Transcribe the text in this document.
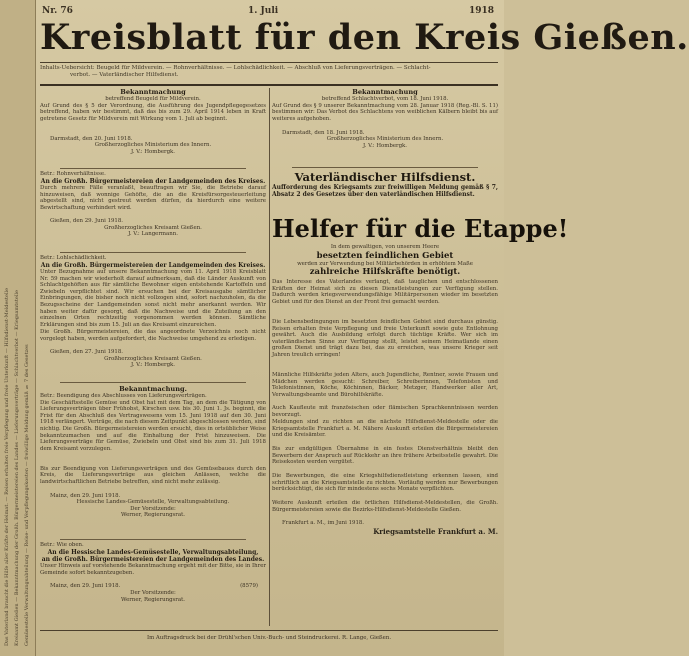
Das Vaterland braucht die Hilfe aller Kräfte der Heimat. — Reisen erhalten freie Verpflegung und freie Unterkunft — Hilfsdienst-Meldestelle Kreisamt Gießen — Bekanntmachung der Großh. Bürgermeistereien des Landes — Lieferungsverträge — Schlachtverbot — Kriegsamtstelle Gemüsestelle Verwaltungsabteilung — Reise- und Verpflegungskosten — freiwillige Meldung gemäß § 7 des Gesetzes
Nr. 76	1. Juli	1918
Kreisblatt für den Kreis Gießen.
Inhalts-Uebersicht: Beugeld für Mildverein. — Rohnverhältnisse. — Lohlschädlichkeit. — Abschluß von Lieferungsverträgen. — Schlacht-
verbot. — Vaterländischer Hilfsdienst.
Bekanntmachung
betreffend Beugeld für Mildverein.
Auf Grund des § 5 der Verordnung, die Ausführung des Jugendpflegegesetzes betreffend, haben wir bestimmt, daß das bis zum 29. April 1914 leben in Kraft getretene Gesetz für Mildverein mit Wirkung vom 1. Juli ab beginnt.
Darmstadt, den 20. Juni 1918.
Großherzogliches Ministerium des Innern.
J. V.: Hombergk.
Betr.: Rohnverhältnisse.
An die Großh. Bürgermeistereien der Landgemeinden des Kreises.
Durch mehrere Fälle veranlaßt, beauftragen wir Sie, die Betriebe darauf hinzuweisen, daß wonnige Gehöfte, die an die Kreisfürsorgesteuerleitung abgestellt sind, nicht gestreut werden dürfen, da hierdurch eine weitere Bewirtschaftung verhindert wird.
Gießen, den 29. Juni 1918.
Großherzogliches Kreisamt Gießen.
J. V.: Langermann.
Betr.: Lohlschädlichkeit.
An die Großh. Bürgermeistereien der Landgemeinden des Kreises.
Unter Bezugnahme auf unsere Bekanntmachung vom 11. April 1918 Kreisblatt Nr. 59 machen wir wiederholt darauf aufmerksam, daß die Länder Auskunft von Schlachtgehöften aus für sämtliche Bewohner eigen entstehende Kartoffeln und Zwiebeln verpflichtet sind. Wir ersuchen bei der Kreisausgabe sämtlicher Einbringungen, die bisher noch nicht vollzogen sind, sofort nachzuholen, da die Bezugsscheine der Landgemeinden sonst nicht mehr anerkannt werden. Wir haben weiter dafür gesorgt, daß die Nachweise und die Zuteilung an den einzelnen Orten rechtzeitig vorgenommen werden können. Sämtliche Erklärungen sind bis zum 15. Juli an das Kreisamt einzureichen.
Die Großh. Bürgermeistereien, die das angeordnete Verzeichnis noch nicht vorgelegt haben, werden aufgefordert, die Nachweise umgehend zu erledigen.
Gießen, den 27. Juni 1918.
Großherzogliches Kreisamt Gießen.
J. V.: Hombergk.
Bekanntmachung.
Betr.: Beendigung des Abschlusses von Lieferungsverträgen.
Die Geschäftsstelle Gemüse und Obst hat mit dem Tag, an dem die Tätigung von Lieferungsverträgen über Frühobst, Kirschen usw. bis 30. Juni 1. Js. beginnt, die Frist für den Abschluß des Vertragswesens vom 15. Juni 1918 auf den 30. Juni 1918 verlängert. Verträge, die nach diesem Zeitpunkt abgeschlossen werden, sind nichtig. Die Großh. Bürgermeistereien werden ersucht, dies in ortsüblicher Weise bekanntzumachen und auf die Einhaltung der Frist hinzuweisen. Die Lieferungsverträge für Gemüse, Zwiebeln und Obst sind bis zum 31. Juli 1918 dem Kreisamt vorzulegen.
Bis zur Beendigung von Lieferungsverträgen und des Gemüsebaues durch den Kreis, die Lieferungsverträge aus gleichen Anlässen, welche die landwirtschaftlichen Betriebe betreffen, sind nicht mehr zulässig.
Mainz, den 29. Juni 1918.
Hessische Landes-Gemüsestelle, Verwaltungsabteilung.
Der Vorsitzende:
Werner, Regierungsrat.
Betr.: Wie oben.
An die Hessische Landes-Gemüsestelle, Verwaltungsabteilung,
an die Großh. Bürgermeistereien der Landgemeinden des Landes.
Unser Hinweis auf vorstehende Bekanntmachung ergeht mit der Bitte, sie in Ihrer Gemeinde sofort bekanntzugeben.
Mainz, den 29. Juni 1918.	(8579)
Der Vorsitzende:
Werner, Regierungsrat.
Bekanntmachung
betreffend Schlachtverbot, vom 18. Juni 1918.
Auf Grund des § 9 unserer Bekanntmachung vom 28. Januar 1918 (Reg.-Bl. S. 11) bestimmen wir: Das Verbot des Schlachtens von weiblichen Kälbern bleibt bis auf weiteres aufgehoben.
Darmstadt, den 18. Juni 1918.
Großherzogliches Ministerium des Innern.
J. V.: Hombergk.
Vaterländischer Hilfsdienst.
Aufforderung des Kriegsamts zur freiwilligen Meldung gemäß § 7, Absatz 2 des Gesetzes über den vaterländischen Hilfsdienst.
Helfer für die Etappe!
In dem gewaltigen, von unserem Heere
besetzten feindlichen Gebiet
werden zur Verwendung bei Militärbehörden in erhöhtem Maße
zahlreiche Hilfskräfte benötigt.
Das Interesse des Vaterlandes verlangt, daß tauglichen und entschlossenen Kräften der Heimat sich zu diesen Dienstleistungen zur Verfügung stellen. Dadurch werden kriegsverwendungsfähige Militärpersonen wieder im besetzten Gebiet und für den Dienst an der Front frei gemacht werden.
Die Lebensbedingungen im besetzten feindlichen Gebiet sind durchaus günstig. Reisen erhalten freie Verpflegung und freie Unterkunft sowie gute Entlohnung gewährt. Auch die Ausbildung erfolgt durch tüchtige Kräfte. Wer sich im vaterländischen Sinne zur Verfügung stellt, leistet seinem Heimatlande einen großen Dienst und trägt dazu bei, das zu erreichen, was unsere Krieger seit Jahren treulich erringen!
Männliche Hilfskräfte jeden Alters, auch Jugendliche, Rentner, sowie Frauen und Mädchen werden gesucht: Schreiber, Schreiberinnen, Telefonisten und Telefonistinnen, Köche, Köchinnen, Bäcker, Metzger, Handwerker aller Art, Verwaltungsbeamte und Bürohilfskräfte.
Auch Kaufleute mit französischen oder flämischen Sprachkenntnissen werden bevorzugt.
Meldungen sind zu richten an die nächste Hilfsdienst-Meldestelle oder die Kriegsamtstelle Frankfurt a. M. Nähere Auskunft erteilen die Bürgermeistereien und die Kreisämter.
Bis zur endgültigen Übernahme in ein festes Dienstverhältnis bleibt den Bewerbern der Anspruch auf Rückkehr an ihre frühere Arbeitsstelle gewahrt. Die Reisekosten werden vergütet.
Die Bewerbungen, die eine Kriegshilfsdienstleistung erkennen lassen, sind schriftlich an die Kriegsamtstelle zu richten. Vorläufig werden nur Bewerbungen berücksichtigt, die sich für mindestens sechs Monate verpflichten.
Weitere Auskunft erteilen die örtlichen Hilfsdienst-Meldestellen, die Großh. Bürgermeistereien sowie die Bezirks-Hilfsdienst-Meldestelle Gießen.
Frankfurt a. M., im Juni 1918.
Kriegsamtstelle Frankfurt a. M.
Im Auftragsdruck bei der Drühl'schen Univ.-Buch- und Steindruckerei. R. Lange, Gießen.
